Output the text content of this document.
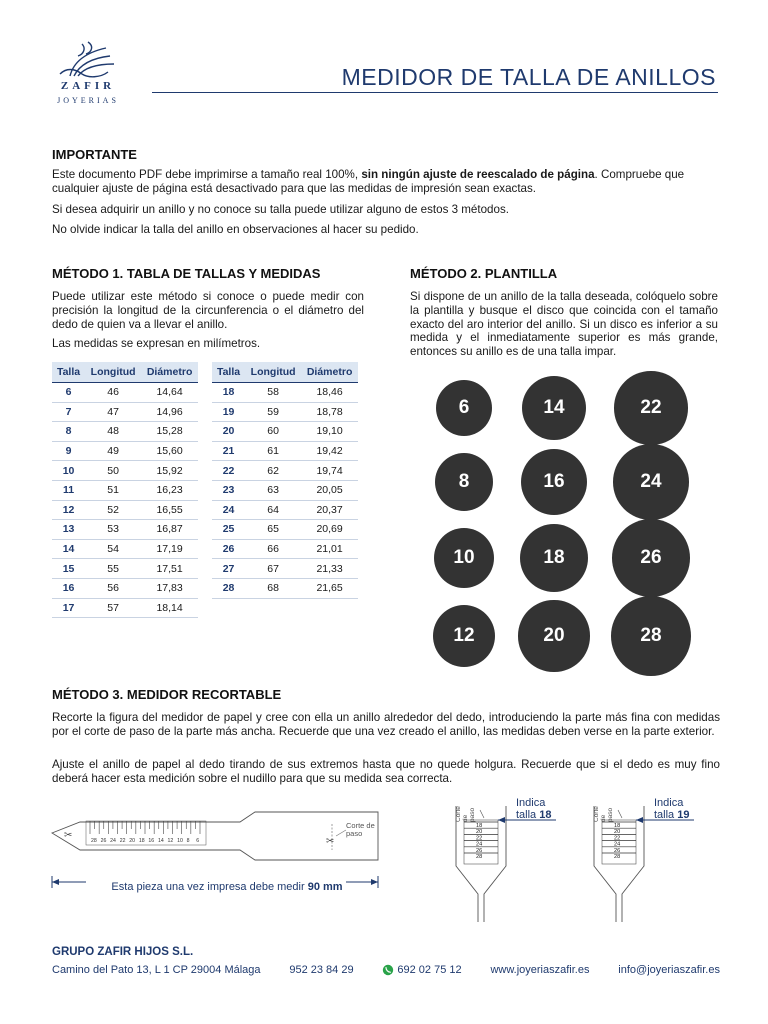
ZAFIR
JOYERIAS
MEDIDOR DE TALLA DE ANILLOS
IMPORTANTE

Este documento PDF debe imprimirse a tamaño real 100%, sin ningún ajuste de reescalado de página. Compruebe que cualquier ajuste de página está desactivado para que las medidas de impresión sean exactas.

Si desea adquirir un anillo y no conoce su talla puede utilizar alguno de estos 3 métodos.

No olvide indicar la talla del anillo en observaciones al hacer su pedido.

MÉTODO 1. TABLA DE TALLAS Y MEDIDAS

Puede utilizar este método si conoce o puede medir con precisión la longitud de la circunferencia o el diámetro del dedo de quien va a llevar el anillo.

Las medidas se expresan en milímetros.

Talla	Longitud	Diámetro
6	46	14,64
7	47	14,96
8	48	15,28
9	49	15,60
10	50	15,92
11	51	16,23
12	52	16,55
13	53	16,87
14	54	17,19
15	55	17,51
16	56	17,83
17	57	18,14
Talla	Longitud	Diámetro
18	58	18,46
19	59	18,78
20	60	19,10
21	61	19,42
22	62	19,74
23	63	20,05
24	64	20,37
25	65	20,69
26	66	21,01
27	67	21,33
28	68	21,65
MÉTODO 2. PLANTILLA

Si dispone de un anillo de la talla deseada, colóquelo sobre la plantilla y busque el disco que coincida con el tamaño exacto del aro interior del anillo. Si un disco es inferior a su medida y el inmediatamente superior es más grande, entonces su anillo es de una talla impar.

6	14	22
8	16	24
10	18	26
12	20	28
MÉTODO 3. MEDIDOR RECORTABLE

Recorte la figura del medidor de papel y cree con ella un anillo alrededor del dedo, introduciendo la parte más fina con medidas por el corte de paso de la parte más ancha. Recuerde que una vez creado el anillo, las medidas deben verse en la parte exterior.

Ajuste el anillo de papel al dedo tirando de sus extremos hasta que no quede holgura. Recuerde que si el dedo es muy fino deberá hacer esta medición sobre el nudillo para que su medida sea correcta.

28 26 24 22 20 18 16 14 12 10 8 6
✂
✂
Corte de paso
Esta pieza una vez impresa debe medir 90 mm
18
20
22
24
26
28
Corte de paso
Indica
talla 18
18
20
22
24
26
28
Corte de paso
Indica
talla 19
GRUPO ZAFIR HIJOS S.L.
Camino del Pato 13, L 1 CP 29004 Málaga	952 23 84 29	692 02 75 12	www.joyeriaszafir.es	info@joyeriaszafir.es
